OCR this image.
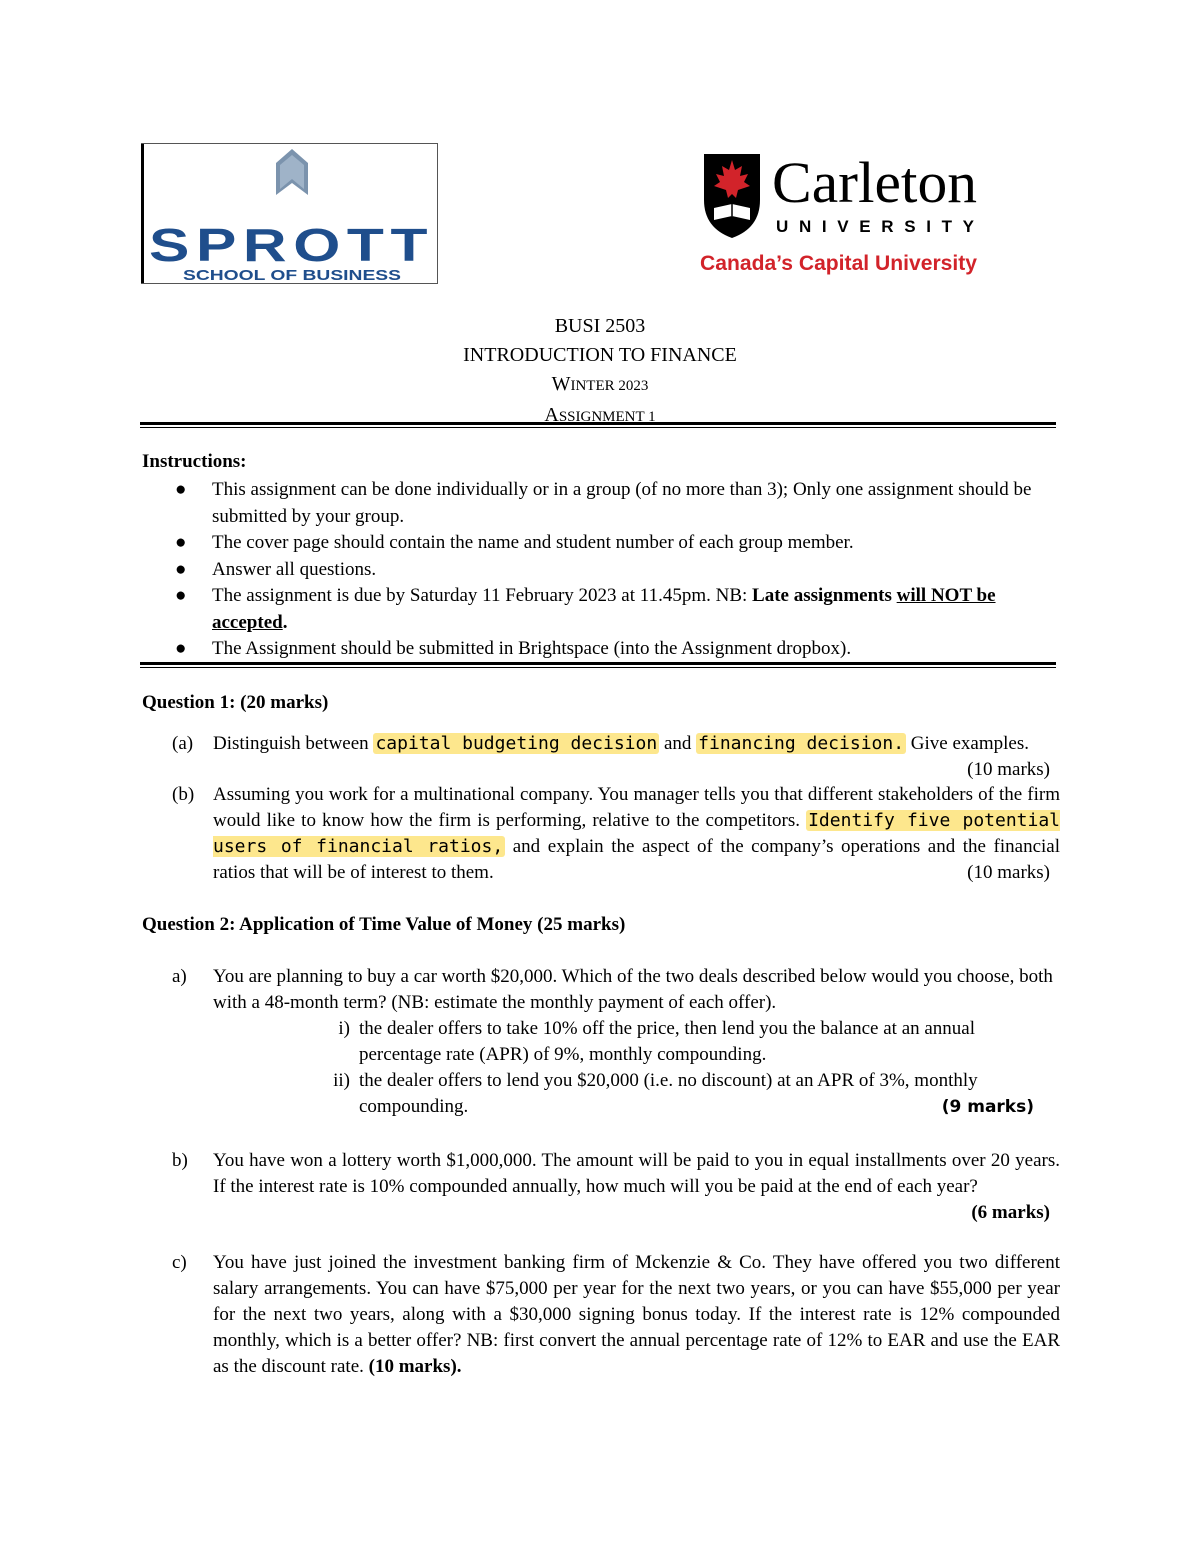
SPROTT
SCHOOL OF BUSINESS
Carleton
UNIVERSITY
Canada’s Capital University
BUSI 2503
INTRODUCTION TO FINANCE
WINTER 2023
ASSIGNMENT 1
Instructions:
● This assignment can be done individually or in a group (of no more than 3); Only one assignment should be submitted by your group.
● The cover page should contain the name and student number of each group member.
● Answer all questions.
● The assignment is due by Saturday 11 February 2023 at 11.45pm. NB: Late assignments will NOT be accepted.
● The Assignment should be submitted in Brightspace (into the Assignment dropbox).
Question 1: (20 marks)
(a) Distinguish between capital budgeting decision and financing decision. Give examples.
(10 marks)
(b) Assuming you work for a multinational company. You manager tells you that different stakeholders of the firm would like to know how the firm is performing, relative to the competitors. Identify five potential users of financial ratios, and explain the aspect of the company’s operations and the financial ratios that will be of interest to them.	(10 marks)
Question 2: Application of Time Value of Money (25 marks)
a) You are planning to buy a car worth $20,000. Which of the two deals described below would you choose, both with a 48-month term? (NB: estimate the monthly payment of each offer).
i) the dealer offers to take 10% off the price, then lend you the balance at an annual percentage rate (APR) of 9%, monthly compounding.
ii) the dealer offers to lend you $20,000 (i.e. no discount) at an APR of 3%, monthly compounding.	(9 marks)
b) You have won a lottery worth $1,000,000. The amount will be paid to you in equal installments over 20 years. If the interest rate is 10% compounded annually, how much will you be paid at the end of each year?
(6 marks)
c) You have just joined the investment banking firm of Mckenzie & Co. They have offered you two different salary arrangements. You can have $75,000 per year for the next two years, or you can have $55,000 per year for the next two years, along with a $30,000 signing bonus today. If the interest rate is 12% compounded monthly, which is a better offer? NB: first convert the annual percentage rate of 12% to EAR and use the EAR as the discount rate. (10 marks).
